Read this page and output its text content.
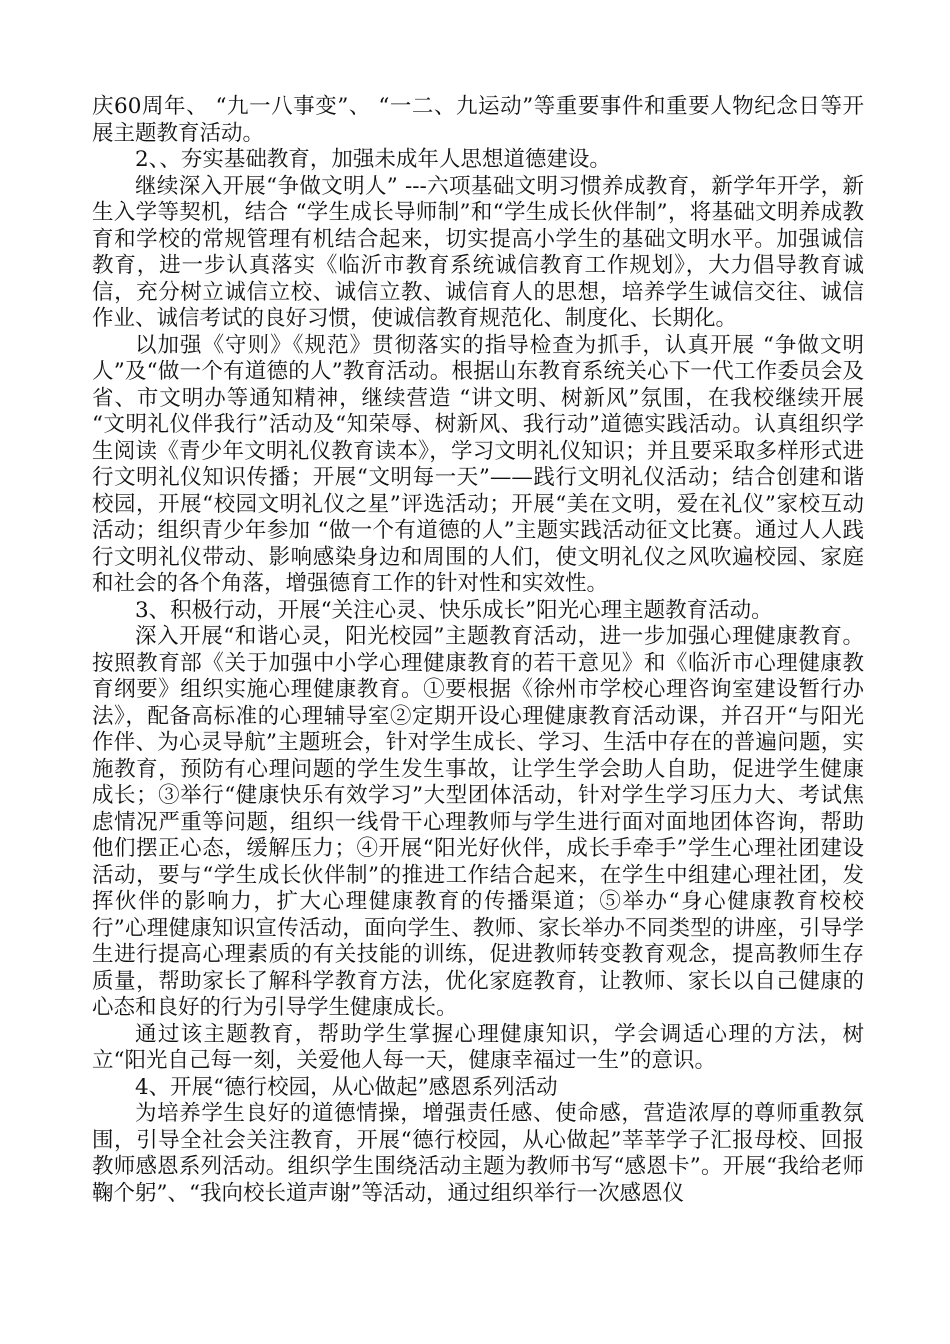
庆60周年、 “九一八事变”、 “一二、九运动”等重要事件和重要人物纪念日等开展主题教育活动。

2、、夯实基础教育，加强未成年人思想道德建设。

继续深入开展“争做文明人” ---六项基础文明习惯养成教育，新学年开学，新生入学等契机，结合 “学生成长导师制”和“学生成长伙伴制”，将基础文明养成教育和学校的常规管理有机结合起来，切实提高小学生的基础文明水平。加强诚信教育，进一步认真落实《临沂市教育系统诚信教育工作规划》，大力倡导教育诚信，充分树立诚信立校、诚信立教、诚信育人的思想，培养学生诚信交往、诚信作业、诚信考试的良好习惯，使诚信教育规范化、制度化、长期化。

以加强《守则》《规范》贯彻落实的指导检查为抓手，认真开展 “争做文明人”及“做一个有道德的人”教育活动。根据山东教育系统关心下一代工作委员会及省、市文明办等通知精神，继续营造 “讲文明、树新风”氛围，在我校继续开展 “文明礼仪伴我行”活动及“知荣辱、树新风、我行动”道德实践活动。认真组织学生阅读《青少年文明礼仪教育读本》，学习文明礼仪知识；并且要采取多样形式进行文明礼仪知识传播；开展“文明每一天”——践行文明礼仪活动；结合创建和谐校园，开展“校园文明礼仪之星”评选活动；开展“美在文明，爱在礼仪”家校互动活动；组织青少年参加 “做一个有道德的人”主题实践活动征文比赛。通过人人践行文明礼仪带动、影响感染身边和周围的人们，使文明礼仪之风吹遍校园、家庭和社会的各个角落，增强德育工作的针对性和实效性。

3、积极行动，开展“关注心灵、快乐成长”阳光心理主题教育活动。

深入开展“和谐心灵，阳光校园”主题教育活动，进一步加强心理健康教育。按照教育部《关于加强中小学心理健康教育的若干意见》和《临沂市心理健康教育纲要》组织实施心理健康教育。①要根据《徐州市学校心理咨询室建设暂行办法》，配备高标准的心理辅导室②定期开设心理健康教育活动课，并召开“与阳光作伴、为心灵导航”主题班会，针对学生成长、学习、生活中存在的普遍问题，实施教育，预防有心理问题的学生发生事故，让学生学会助人自助，促进学生健康成长；③举行“健康快乐有效学习”大型团体活动，针对学生学习压力大、考试焦虑情况严重等问题，组织一线骨干心理教师与学生进行面对面地团体咨询，帮助他们摆正心态，缓解压力；④开展“阳光好伙伴，成长手牵手”学生心理社团建设活动，要与“学生成长伙伴制”的推进工作结合起来，在学生中组建心理社团，发挥伙伴的影响力，扩大心理健康教育的传播渠道；⑤举办“身心健康教育校校行”心理健康知识宣传活动，面向学生、教师、家长举办不同类型的讲座，引导学生进行提高心理素质的有关技能的训练，促进教师转变教育观念，提高教师生存质量，帮助家长了解科学教育方法，优化家庭教育，让教师、家长以自己健康的心态和良好的行为引导学生健康成长。

通过该主题教育，帮助学生掌握心理健康知识，学会调适心理的方法，树立“阳光自己每一刻，关爱他人每一天，健康幸福过一生”的意识。

4、开展“德行校园，从心做起”感恩系列活动

为培养学生良好的道德情操，增强责任感、使命感，营造浓厚的尊师重教氛围，引导全社会关注教育，开展“德行校园，从心做起”莘莘学子汇报母校、回报教师感恩系列活动。组织学生围绕活动主题为教师书写“感恩卡”。开展“我给老师鞠个躬”、“我向校长道声谢”等活动，通过组织举行一次感恩仪
